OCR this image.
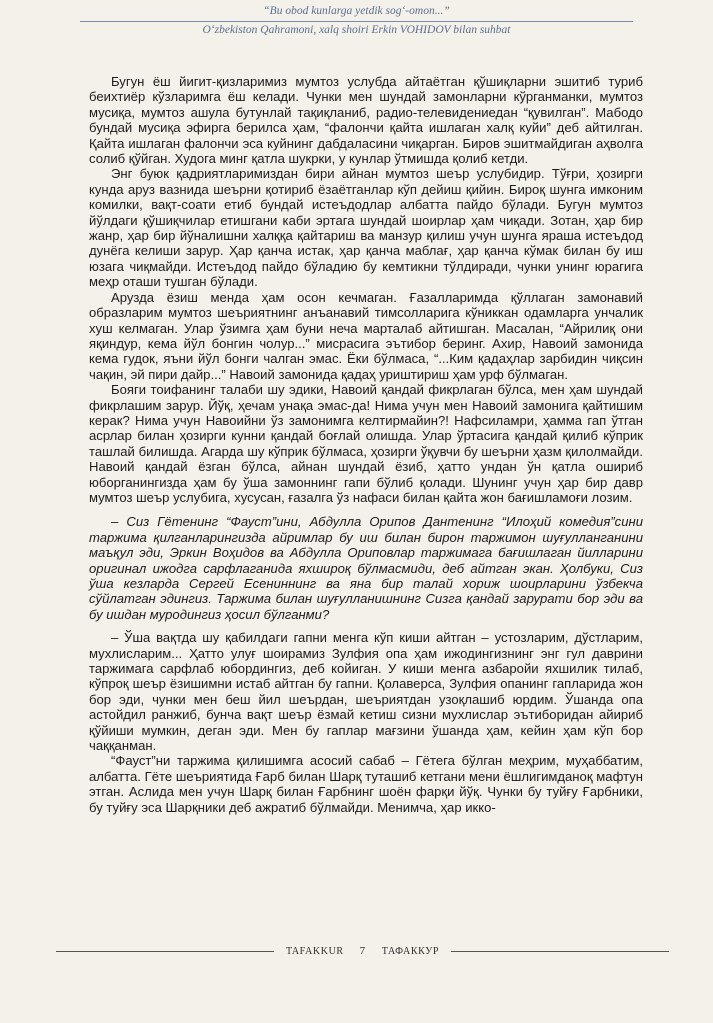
“Bu obod kunlarga yetdik sog‘-omon...”
O‘zbekiston Qahramoni, xalq shoiri Erkin VOHIDOV bilan suhbat

Бугун ёш йигит-қизларимиз мумтоз услубда айтаётган қўшиқларни эшитиб туриб беихтиёр кўзларимга ёш келади. Чунки мен шундай замонларни кўрганманки, мумтоз мусиқа, мумтоз ашула бутунлай тақиқланиб, радио-телевидениедан “қувилган”. Мабодо бундай мусиқа эфирга берилса ҳам, “фалончи қайта ишлаган халқ куйи” деб айтилган. Қайта ишлаган фалончи эса куйнинг дабдаласини чиқарган. Биров эшитмайдиган аҳволга солиб қўйган. Худога минг қатла шукрки, у кунлар ўтмишда қолиб кетди.

Энг буюк қадриятларимиздан бири айнан мумтоз шеър услубидир. Тўғри, ҳозирги кунда аруз вазнида шеърни қотириб ёзаётганлар кўп дейиш қийин. Бироқ шунга имконим комилки, вақт-соати етиб бундай истеъдодлар албатта пайдо бўлади. Бугун мумтоз йўлдаги қўшиқчилар етишгани каби эртага шундай шоирлар ҳам чиқади. Зотан, ҳар бир жанр, ҳар бир йўналишни халққа қайтариш ва манзур қилиш учун шунга яраша истеъдод дунёга келиши зарур. Ҳар қанча истак, ҳар қанча маблағ, ҳар қанча кўмак билан бу иш юзага чиқмайди. Истеъдод пайдо бўладию бу кемтикни тўлдиради, чунки унинг юрагига меҳр оташи тушган бўлади.

Арузда ёзиш менда ҳам осон кечмаган. Ғазалларимда қўллаган замонавий образларим мумтоз шеъриятнинг анъанавий тимсолларига кўниккан одамларга унчалик хуш келмаган. Улар ўзимга ҳам буни неча марталаб айтишган. Масалан, “Айрилиқ они яқиндур, кема йўл бонгин чолур...” мисрасига эътибор беринг. Ахир, Навоий замонида кема гудок, яъни йўл бонги чалган эмас. Ёки бўлмаса, “...Ким қадаҳлар зарбидин чиқсин чақин, эй пири дайр...” Навоий замонида қадаҳ уриштириш ҳам урф бўлмаган.

Бояги тоифанинг талаби шу эдики, Навоий қандай фикрлаган бўлса, мен ҳам шундай фикрлашим зарур. Йўқ, ҳечам унақа эмас-да! Нима учун мен Навоий замонига қайтишим керак? Нима учун Навоийни ўз замонимга келтирмайин?! Нафсиламри, ҳамма гап ўтган асрлар билан ҳозирги кунни қандай боғлай олишда. Улар ўртасига қандай қилиб кўприк ташлай билишда. Агарда шу кўприк бўлмаса, ҳозирги ўқувчи бу шеърни ҳазм қилолмайди. Навоий қандай ёзган бўлса, айнан шундай ёзиб, ҳатто ундан ўн қатла ошириб юборганингизда ҳам бу ўша замоннинг гапи бўлиб қолади. Шунинг учун ҳар бир давр мумтоз шеър услубига, хусусан, ғазалга ўз нафаси билан қайта жон бағишламоғи лозим.

– Сиз Гётенинг “Фауст”ини, Абдулла Орипов Дантенинг “Илоҳий комедия”сини таржима қилганларингизда айримлар бу иш билан бирон таржимон шуғулланганини маъқул эди, Эркин Воҳидов ва Абдулла Ориповлар таржимага бағишлаган йилларини оригинал ижодга сарфлаганида яхшироқ бўлмасмиди, деб айтган экан. Ҳолбуки, Сиз ўша кезларда Сергей Есениннинг ва яна бир талай хориж шоирларини ўзбекча сўйлатган эдингиз. Таржима билан шуғулланишнинг Сизга қандай зарурати бор эди ва бу ишдан муродингиз ҳосил бўлганми?

– Ўша вақтда шу қабилдаги гапни менга кўп киши айтган – устозларим, дўстларим, мухлисларим... Ҳатто улуғ шоирамиз Зулфия опа ҳам ижодингизнинг энг гул даврини таржимага сарфлаб юбордингиз, деб койиган. У киши менга азбаройи яхшилик тилаб, кўпроқ шеър ёзишимни истаб айтган бу гапни. Қолаверса, Зулфия опанинг гапларида жон бор эди, чунки мен беш йил шеърдан, шеъриятдан узоқлашиб юрдим. Ўшанда опа астойдил ранжиб, бунча вақт шеър ёзмай кетиш сизни мухлислар эътиборидан айириб қўйиши мумкин, деган эди. Мен бу гаплар мағзини ўшанда ҳам, кейин ҳам кўп бор чаққанман.

“Фауст”ни таржима қилишимга асосий сабаб – Гётега бўлган меҳрим, муҳаббатим, албатта. Гёте шеъриятида Ғарб билан Шарқ туташиб кетгани мени ёшлигимданоқ мафтун этган. Аслида мен учун Шарқ билан Ғарбнинг шоён фарқи йўқ. Чунки бу туйғу Ғарбники, бу туйғу эса Шарқники деб ажратиб бўлмайди. Менимча, ҳар икко-

TAFAKKUR	7	ТАФАККУР
